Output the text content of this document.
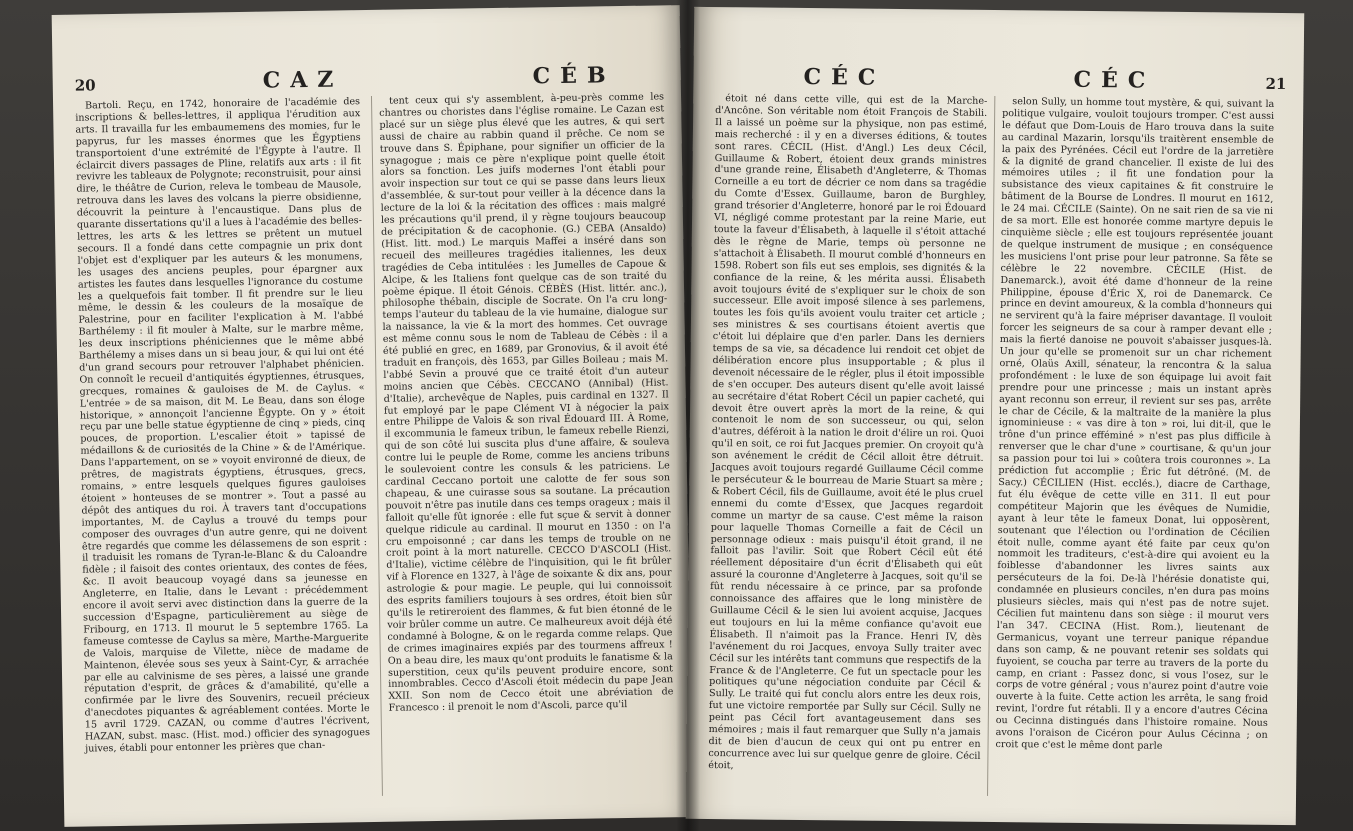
20	CAZ	CÉB

Bartoli. Reçu, en 1742, honoraire de l'académie des inscriptions & belles-lettres, il appliqua l'érudition aux arts. Il travailla fur les embaumemens des momies, fur le papyrus, fur les masses énormes que les Égyptiens transportoient d'une extrémité de l'Égypte à l'autre. Il éclaircit divers passages de Pline, relatifs aux arts : il fit revivre les tableaux de Polygnote; reconstruisit, pour ainsi dire, le théâtre de Curion, releva le tombeau de Mausole, retrouva dans les laves des volcans la pierre obsidienne, découvrit la peinture à l'encaustique. Dans plus de quarante dissertations qu'il a lues à l'académie des belles-lettres, les arts & les lettres se prêtent un mutuel secours. Il a fondé dans cette compagnie un prix dont l'objet est d'expliquer par les auteurs & les monumens, les usages des anciens peuples, pour épargner aux artistes les fautes dans lesquelles l'ignorance du costume les a quelquefois fait tomber. Il fit prendre sur le lieu même, le dessin & les couleurs de la mosaïque de Palestrine, pour en faciliter l'explication à M. l'abbé Barthélemy : il fit mouler à Malte, sur le marbre même, les deux inscriptions phéniciennes que le même abbé Barthélemy a mises dans un si beau jour, & qui lui ont été d'un grand secours pour retrouver l'alphabet phénicien. On connoît le recueil d'antiquités égyptiennes, étrusques, grecques, romaines & gauloises de M. de Caylus. « L'entrée » de sa maison, dit M. Le Beau, dans son éloge historique, » annonçoit l'ancienne Égypte. On y » étoit reçu par une belle statue égyptienne de cinq » pieds, cinq pouces, de proportion. L'escalier étoit » tapissé de médaillons & de curiosités de la Chine » & de l'Amérique. Dans l'appartement, on se » voyoit environné de dieux, de prêtres, de magistrats égyptiens, étrusques, grecs, romains, » entre lesquels quelques figures gauloises étoient » honteuses de se montrer ». Tout a passé au dépôt des antiques du roi. À travers tant d'occupations importantes, M. de Caylus a trouvé du temps pour composer des ouvrages d'un autre genre, qui ne doivent être regardés que comme les délassemens de son esprit : il traduisit les romans de Tyran-le-Blanc & du Caloandre fidèle ; il faisoit des contes orientaux, des contes de fées, &c. Il avoit beaucoup voyagé dans sa jeunesse en Angleterre, en Italie, dans le Levant : précédemment encore il avoit servi avec distinction dans la guerre de la succession d'Espagne, particulièrement au siège de Fribourg, en 1713. Il mourut le 5 septembre 1765. La fameuse comtesse de Caylus sa mère, Marthe-Marguerite de Valois, marquise de Vilette, nièce de madame de Maintenon, élevée sous ses yeux à Saint-Cyr, & arrachée par elle au calvinisme de ses pères, a laissé une grande réputation d'esprit, de grâces & d'amabilité, qu'elle a confirmée par le livre des Souvenirs, recueil précieux d'anecdotes piquantes & agréablement contées. Morte le 15 avril 1729. CAZAN, ou comme d'autres l'écrivent, HAZAN, subst. masc. (Hist. mod.) officier des synagogues juives, établi pour entonner les prières que chan-

tent ceux qui s'y assemblent, à-peu-près comme les chantres ou choristes dans l'église romaine. Le Cazan est placé sur un siège plus élevé que les autres, & qui sert aussi de chaire au rabbin quand il prêche. Ce nom se trouve dans S. Épiphane, pour signifier un officier de la synagogue ; mais ce père n'explique point quelle étoit alors sa fonction. Les juifs modernes l'ont établi pour avoir inspection sur tout ce qui se passe dans leurs lieux d'assemblée, & sur-tout pour veiller à la décence dans la lecture de la loi & la récitation des offices : mais malgré les précautions qu'il prend, il y règne toujours beaucoup de précipitation & de cacophonie. (G.) CEBA (Ansaldo) (Hist. litt. mod.) Le marquis Maffei a inséré dans son recueil des meilleures tragédies italiennes, les deux tragédies de Ceba intitulées : les Jumelles de Capoue & Alcipe, & les Italiens font quelque cas de son traité du poème épique. Il étoit Génois. CÉBÈS (Hist. littér. anc.), philosophe thébain, disciple de Socrate. On l'a cru long-temps l'auteur du tableau de la vie humaine, dialogue sur la naissance, la vie & la mort des hommes. Cet ouvrage est même connu sous le nom de Tableau de Cébès : il a été publié en grec, en 1689, par Gronovius, & il avoit été traduit en françois, dès 1653, par Gilles Boileau ; mais M. l'abbé Sevin a prouvé que ce traité étoit d'un auteur moins ancien que Cébès. CECCANO (Annibal) (Hist. d'Italie), archevêque de Naples, puis cardinal en 1327. Il fut employé par le pape Clément VI à négocier la paix entre Philippe de Valois & son rival Édouard III. À Rome, il excommunia le fameux tribun, le fameux rebelle Rienzi, qui de son côté lui suscita plus d'une affaire, & souleva contre lui le peuple de Rome, comme les anciens tribuns le soulevoient contre les consuls & les patriciens. Le cardinal Ceccano portoit une calotte de fer sous son chapeau, & une cuirasse sous sa soutane. La précaution pouvoit n'être pas inutile dans ces temps orageux ; mais il falloit qu'elle fût ignorée : elle fut sçue & servit à donner quelque ridicule au cardinal. Il mourut en 1350 : on l'a cru empoisonné ; car dans les temps de trouble on ne croit point à la mort naturelle. CECCO D'ASCOLI (Hist. d'Italie), victime célèbre de l'inquisition, qui le fit brûler vif à Florence en 1327, à l'âge de soixante & dix ans, pour astrologie & pour magie. Le peuple, qui lui connoissoit des esprits familiers toujours à ses ordres, étoit bien sûr qu'ils le retireroient des flammes, & fut bien étonné de le voir brûler comme un autre. Ce malheureux avoit déjà été condamné à Bologne, & on le regarda comme relaps. Que de crimes imaginaires expiés par des tourmens affreux ! On a beau dire, les maux qu'ont produits le fanatisme & la superstition, ceux qu'ils peuvent produire encore, sont innombrables. Cecco d'Ascoli étoit médecin du pape Jean XXII. Son nom de Cecco étoit une abréviation de Francesco : il prenoit le nom d'Ascoli, parce qu'il

CÉC	CÉC	21

étoit né dans cette ville, qui est de la Marche-d'Ancône. Son véritable nom étoit François de Stabili. Il a laissé un poème sur la physique, non pas estimé, mais recherché : il y en a diverses éditions, & toutes sont rares. CÉCIL (Hist. d'Angl.) Les deux Cécil, Guillaume & Robert, étoient deux grands ministres d'une grande reine, Élisabeth d'Angleterre, & Thomas Corneille a eu tort de décrier ce nom dans sa tragédie du Comte d'Essex. Guillaume, baron de Burghley, grand trésorier d'Angleterre, honoré par le roi Édouard VI, négligé comme protestant par la reine Marie, eut toute la faveur d'Élisabeth, à laquelle il s'étoit attaché dès le règne de Marie, temps où personne ne s'attachoit à Élisabeth. Il mourut comblé d'honneurs en 1598. Robert son fils eut ses emplois, ses dignités & la confiance de la reine, & les mérita aussi. Élisabeth avoit toujours évité de s'expliquer sur le choix de son successeur. Elle avoit imposé silence à ses parlemens, toutes les fois qu'ils avoient voulu traiter cet article ; ses ministres & ses courtisans étoient avertis que c'étoit lui déplaire que d'en parler. Dans les derniers temps de sa vie, sa décadence lui rendoit cet objet de délibération encore plus insupportable ; & plus il devenoit nécessaire de le régler, plus il étoit impossible de s'en occuper. Des auteurs disent qu'elle avoit laissé au secrétaire d'état Robert Cécil un papier cacheté, qui devoit être ouvert après la mort de la reine, & qui contenoit le nom de son successeur, ou qui, selon d'autres, déféroit à la nation le droit d'élire un roi. Quoi qu'il en soit, ce roi fut Jacques premier. On croyoit qu'à son avénement le crédit de Cécil alloit être détruit. Jacques avoit toujours regardé Guillaume Cécil comme le persécuteur & le bourreau de Marie Stuart sa mère ; & Robert Cécil, fils de Guillaume, avoit été le plus cruel ennemi du comte d'Essex, que Jacques regardoit comme un martyr de sa cause. C'est même la raison pour laquelle Thomas Corneille a fait de Cécil un personnage odieux : mais puisqu'il étoit grand, il ne falloit pas l'avilir. Soit que Robert Cécil eût été réellement dépositaire d'un écrit d'Élisabeth qui eût assuré la couronne d'Angleterre à Jacques, soit qu'il se fût rendu nécessaire à ce prince, par sa profonde connoissance des affaires que le long ministère de Guillaume Cécil & le sien lui avoient acquise, Jacques eut toujours en lui la même confiance qu'avoit eue Élisabeth. Il n'aimoit pas la France. Henri IV, dès l'avénement du roi Jacques, envoya Sully traiter avec Cécil sur les intérêts tant communs que respectifs de la France & de l'Angleterre. Ce fut un spectacle pour les politiques qu'une négociation conduite par Cécil & Sully. Le traité qui fut conclu alors entre les deux rois, fut une victoire remportée par Sully sur Cécil. Sully ne peint pas Cécil fort avantageusement dans ses mémoires ; mais il faut remarquer que Sully n'a jamais dit de bien d'aucun de ceux qui ont pu entrer en concurrence avec lui sur quelque genre de gloire. Cécil étoit,

selon Sully, un homme tout mystère, & qui, suivant la politique vulgaire, vouloit toujours tromper. C'est aussi le défaut que Dom-Louis de Haro trouva dans la suite au cardinal Mazarin, lorsqu'ils traitèrent ensemble de la paix des Pyrénées. Cécil eut l'ordre de la jarretière & la dignité de grand chancelier. Il existe de lui des mémoires utiles ; il fit une fondation pour la subsistance des vieux capitaines & fit construire le bâtiment de la Bourse de Londres. Il mourut en 1612, le 24 mai. CÉCILE (Sainte). On ne sait rien de sa vie ni de sa mort. Elle est honorée comme martyre depuis le cinquième siècle ; elle est toujours représentée jouant de quelque instrument de musique ; en conséquence les musiciens l'ont prise pour leur patronne. Sa fête se célèbre le 22 novembre. CÉCILE (Hist. de Danemarck.), avoit été dame d'honneur de la reine Philippine, épouse d'Éric X, roi de Danemarck. Ce prince en devint amoureux, & la combla d'honneurs qui ne servirent qu'à la faire mépriser davantage. Il vouloit forcer les seigneurs de sa cour à ramper devant elle ; mais la fierté danoise ne pouvoit s'abaisser jusques-là. Un jour qu'elle se promenoit sur un char richement orné, Olaüs Axill, sénateur, la rencontra & la salua profondément : le luxe de son équipage lui avoit fait prendre pour une princesse ; mais un instant après ayant reconnu son erreur, il revient sur ses pas, arrête le char de Cécile, & la maltraite de la manière la plus ignominieuse : « vas dire à ton » roi, lui dit-il, que le trône d'un prince efféminé » n'est pas plus difficile à renverser que le char d'une » courtisane, & qu'un jour sa passion pour toi lui » coûtera trois couronnes ». La prédiction fut accomplie ; Éric fut détrôné. (M. de Sacy.) CÉCILIEN (Hist. ecclés.), diacre de Carthage, fut élu évêque de cette ville en 311. Il eut pour compétiteur Majorin que les évêques de Numidie, ayant à leur tête le fameux Donat, lui opposèrent, soutenant que l'élection ou l'ordination de Cécilien étoit nulle, comme ayant été faite par ceux qu'on nommoit les traditeurs, c'est-à-dire qui avoient eu la foiblesse d'abandonner les livres saints aux persécuteurs de la foi. De-là l'hérésie donatiste qui, condamnée en plusieurs conciles, n'en dura pas moins plusieurs siècles, mais qui n'est pas de notre sujet. Cécilien fut maintenu dans son siège : il mourut vers l'an 347. CECINA (Hist. Rom.), lieutenant de Germanicus, voyant une terreur panique répandue dans son camp, & ne pouvant retenir ses soldats qui fuyoient, se coucha par terre au travers de la porte du camp, en criant : Passez donc, si vous l'osez, sur le corps de votre général ; vous n'aurez point d'autre voie ouverte à la fuite. Cette action les arrêta, le sang froid revint, l'ordre fut rétabli. Il y a encore d'autres Cécina ou Cecinna distingués dans l'histoire romaine. Nous avons l'oraison de Cicéron pour Aulus Cécinna ; on croit que c'est le même dont parle
